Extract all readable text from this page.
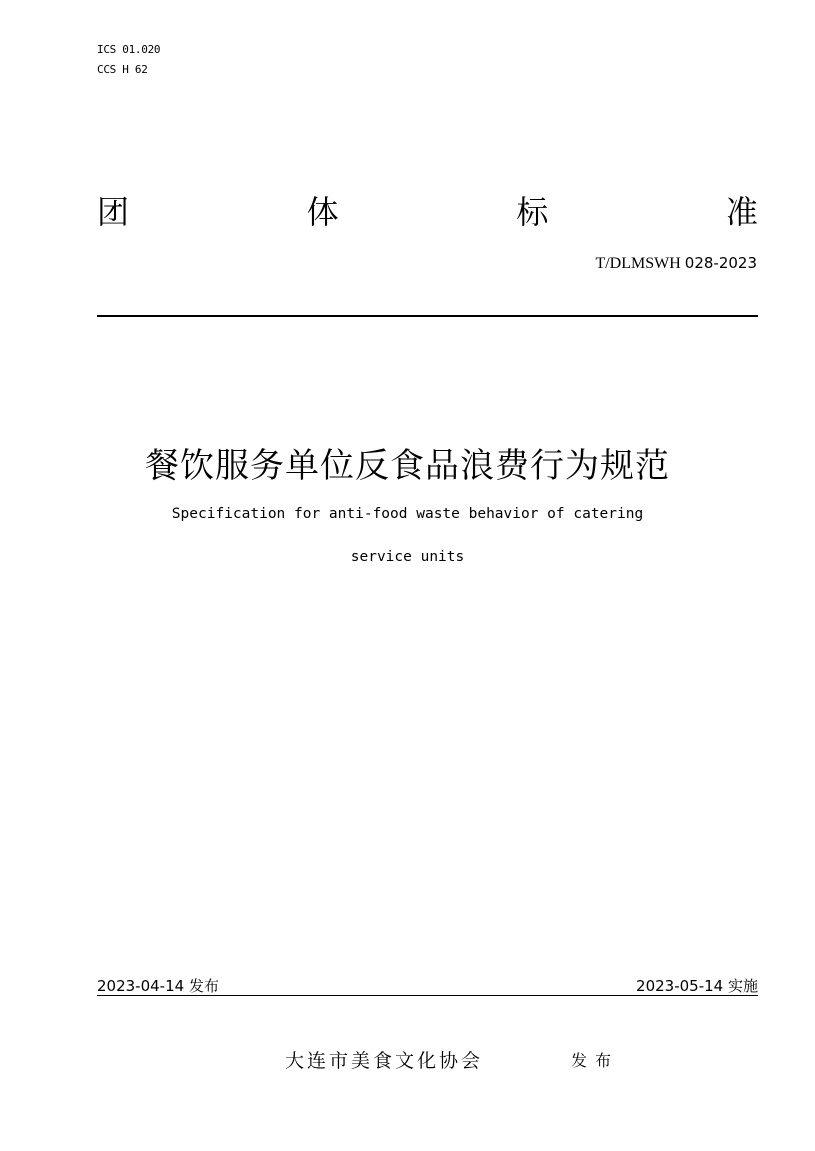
ICS 01.020
CCS H 62
团	体	标	准
T/DLMSWH 028-2023
餐饮服务单位反食品浪费行为规范
Specification for anti-food waste behavior of catering
service units
2023-04-14 发布	2023-05-14 实施
大连市美食文化协会	发布
